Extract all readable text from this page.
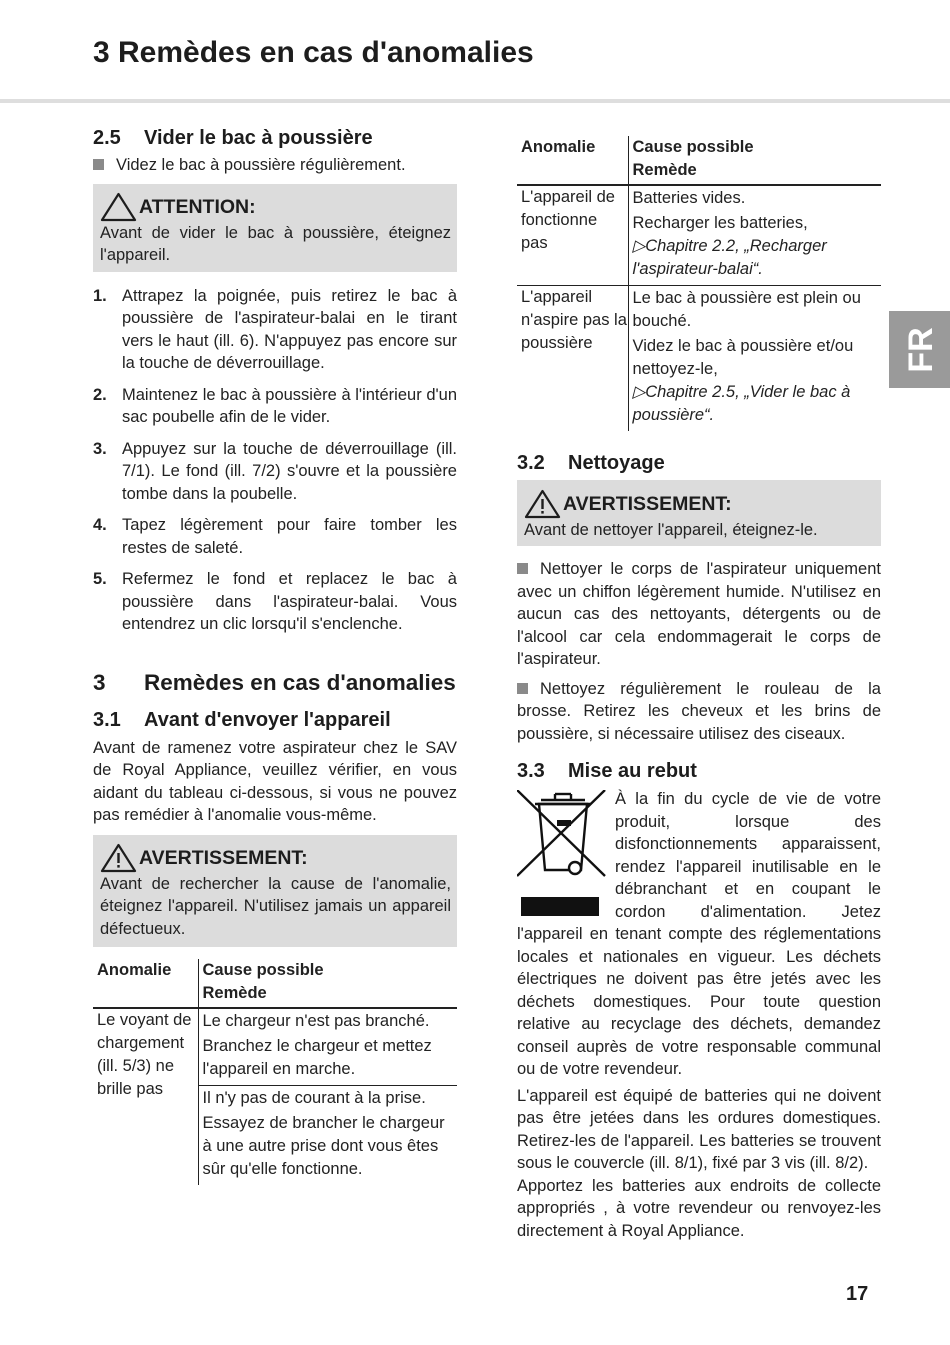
3 Remèdes en cas d'anomalies
FR
2.5 Vider le bac à poussière
Videz le bac à poussière régulièrement.
ATTENTION:
Avant de vider le bac à poussière, éteignez l'appareil.
1. Attrapez la poignée, puis retirez le bac à poussière de l'aspirateur-balai en le tirant vers le haut (ill. 6). N'appuyez pas encore sur la touche de déverrouillage.
2. Maintenez le bac à poussière à l'intérieur d'un sac poubelle afin de le vider.
3. Appuyez sur la touche de déverrouillage (ill. 7/1). Le fond (ill. 7/2) s'ouvre et la poussière tombe dans la poubelle.
4. Tapez légèrement pour faire tomber les restes de saleté.
5. Refermez le fond et replacez le bac à poussière dans l'aspirateur-balai. Vous entendrez un clic lorsqu'il s'enclenche.
3	Remèdes en cas d'anomalies
3.1 Avant d'envoyer l'appareil
Avant de ramenez votre aspirateur chez le SAV de Royal Appliance, veuillez vérifier, en vous aidant du tableau ci-dessous, si vous ne pouvez pas remédier à l'anomalie vous-même.
AVERTISSEMENT:
Avant de rechercher la cause de l'anomalie, éteignez l'appareil. N'utilisez jamais un appareil défectueux.
Anomalie	Cause possible
Remède

Le voyant de chargement (ill. 5/3) ne brille pas	Le chargeur n'est pas branché.
Branchez le chargeur et mettez l'appareil en marche.

	Il n'y pas de courant à la prise.
Essayez de brancher le chargeur à une autre prise dont vous êtes sûr qu'elle fonctionne.
Anomalie	Cause possible
Remède

L'appareil de fonctionne pas	Batteries vides.
Recharger les batteries,
▷Chapitre 2.2, „Recharger l'aspirateur-balai“.

L'appareil n'aspire pas la poussière	Le bac à poussière est plein ou bouché.
Videz le bac à poussière et/ou nettoyez-le,
▷Chapitre 2.5, „Vider le bac à poussière“.
3.2 Nettoyage
AVERTISSEMENT:
Avant de nettoyer l'appareil, éteignez-le.
Nettoyer le corps de l'aspirateur uniquement avec un chiffon légèrement humide. N'utilisez en aucun cas des nettoyants, détergents ou de l'alcool car cela endommagerait le corps de l'aspirateur.
Nettoyez régulièrement le rouleau de la brosse. Retirez les cheveux et les brins de poussière, si nécessaire utilisez des ciseaux.
3.3 Mise au rebut
À la fin du cycle de vie de votre produit, lorsque des disfonctionnements apparaissent, rendez l'appareil inutilisable en le débranchant et en coupant le cordon d'alimentation. Jetez l'appareil en tenant compte des réglementations locales et nationales en vigueur. Les déchets électriques ne doivent pas être jetés avec les déchets domestiques. Pour toute question relative au recyclage des déchets, demandez conseil auprès de votre responsable communal ou de votre revendeur.
L'appareil est équipé de batteries qui ne doivent pas être jetées dans les ordures domestiques. Retirez-les de l'appareil. Les batteries se trouvent sous le couvercle (ill. 8/1), fixé par 3 vis (ill. 8/2).
Apportez les batteries aux endroits de collecte appropriés , à votre revendeur ou renvoyez-les directement à Royal Appliance.
17
